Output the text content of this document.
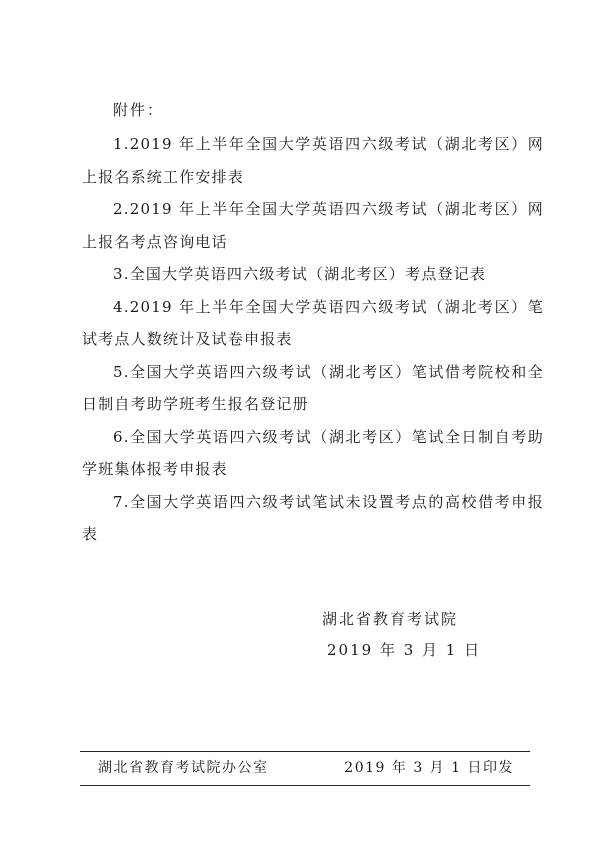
附件：
1.2019 年上半年全国大学英语四六级考试（湖北考区）网上报名系统工作安排表
2.2019 年上半年全国大学英语四六级考试（湖北考区）网上报名考点咨询电话
3.全国大学英语四六级考试（湖北考区）考点登记表
4.2019 年上半年全国大学英语四六级考试（湖北考区）笔试考点人数统计及试卷申报表
5.全国大学英语四六级考试（湖北考区）笔试借考院校和全日制自考助学班考生报名登记册
6.全国大学英语四六级考试（湖北考区）笔试全日制自考助学班集体报考申报表
7.全国大学英语四六级考试笔试未设置考点的高校借考申报表
湖北省教育考试院
2019 年 3 月 1 日
湖北省教育考试院办公室	2019 年 3 月 1 日印发
